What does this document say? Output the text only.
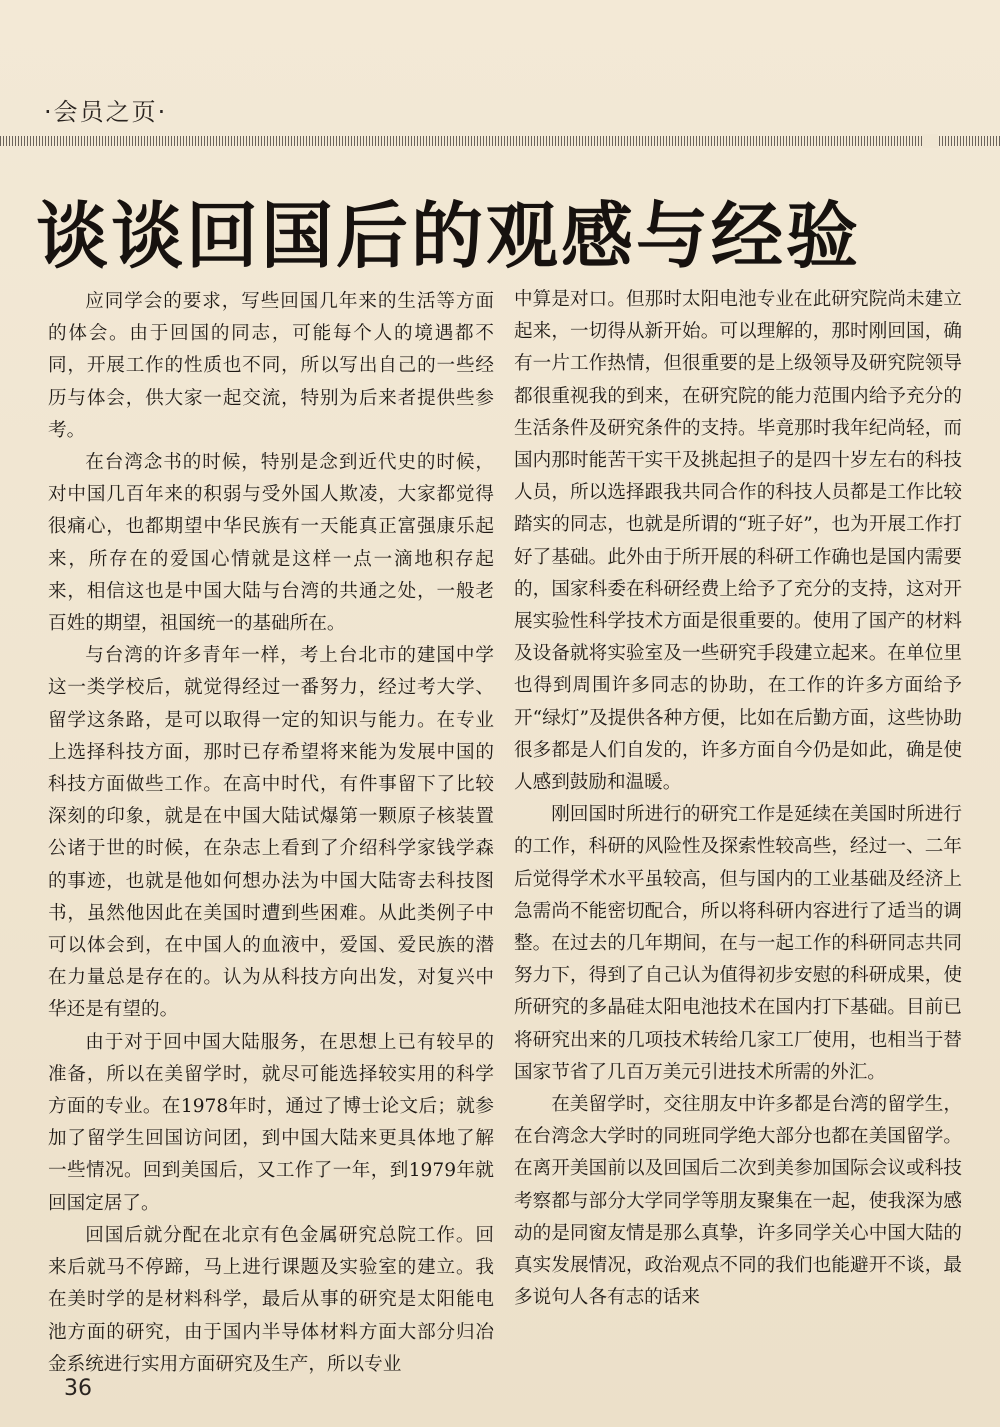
·会员之页·
谈谈回国后的观感与经验

应同学会的要求，写些回国几年来的生活等方面的体会。由于回国的同志，可能每个人的境遇都不同，开展工作的性质也不同，所以写出自己的一些经历与体会，供大家一起交流，特别为后来者提供些参考。

在台湾念书的时候，特别是念到近代史的时候，对中国几百年来的积弱与受外国人欺凌，大家都觉得很痛心，也都期望中华民族有一天能真正富强康乐起来，所存在的爱国心情就是这样一点一滴地积存起来，相信这也是中国大陆与台湾的共通之处，一般老百姓的期望，祖国统一的基础所在。

与台湾的许多青年一样，考上台北市的建国中学这一类学校后，就觉得经过一番努力，经过考大学、留学这条路，是可以取得一定的知识与能力。在专业上选择科技方面，那时已存希望将来能为发展中国的科技方面做些工作。在高中时代，有件事留下了比较深刻的印象，就是在中国大陆试爆第一颗原子核装置公诸于世的时候，在杂志上看到了介绍科学家钱学森的事迹，也就是他如何想办法为中国大陆寄去科技图书，虽然他因此在美国时遭到些困难。从此类例子中可以体会到，在中国人的血液中，爱国、爱民族的潜在力量总是存在的。认为从科技方向出发，对复兴中华还是有望的。

由于对于回中国大陆服务，在思想上已有较早的准备，所以在美留学时，就尽可能选择较实用的科学方面的专业。在1978年时，通过了博士论文后；就参加了留学生回国访问团，到中国大陆来更具体地了解一些情况。回到美国后，又工作了一年，到1979年就回国定居了。

回国后就分配在北京有色金属研究总院工作。回来后就马不停蹄，马上进行课题及实验室的建立。我在美时学的是材料科学，最后从事的研究是太阳能电池方面的研究，由于国内半导体材料方面大部分归冶金系统进行实用方面研究及生产，所以专业

中算是对口。但那时太阳电池专业在此研究院尚未建立起来，一切得从新开始。可以理解的，那时刚回国，确有一片工作热情，但很重要的是上级领导及研究院领导都很重视我的到来，在研究院的能力范围内给予充分的生活条件及研究条件的支持。毕竟那时我年纪尚轻，而国内那时能苦干实干及挑起担子的是四十岁左右的科技人员，所以选择跟我共同合作的科技人员都是工作比较踏实的同志，也就是所谓的“班子好”，也为开展工作打好了基础。此外由于所开展的科研工作确也是国内需要的，国家科委在科研经费上给予了充分的支持，这对开展实验性科学技术方面是很重要的。使用了国产的材料及设备就将实验室及一些研究手段建立起来。在单位里也得到周围许多同志的协助，在工作的许多方面给予开“绿灯”及提供各种方便，比如在后勤方面，这些协助很多都是人们自发的，许多方面自今仍是如此，确是使人感到鼓励和温暖。

刚回国时所进行的研究工作是延续在美国时所进行的工作，科研的风险性及探索性较高些，经过一、二年后觉得学术水平虽较高，但与国内的工业基础及经济上急需尚不能密切配合，所以将科研内容进行了适当的调整。在过去的几年期间，在与一起工作的科研同志共同努力下，得到了自己认为值得初步安慰的科研成果，使所研究的多晶硅太阳电池技术在国内打下基础。目前已将研究出来的几项技术转给几家工厂使用，也相当于替国家节省了几百万美元引进技术所需的外汇。

在美留学时，交往朋友中许多都是台湾的留学生，在台湾念大学时的同班同学绝大部分也都在美国留学。在离开美国前以及回国后二次到美参加国际会议或科技考察都与部分大学同学等朋友聚集在一起，使我深为感动的是同窗友情是那么真挚，许多同学关心中国大陆的真实发展情况，政治观点不同的我们也能避开不谈，最多说句人各有志的话来

36
